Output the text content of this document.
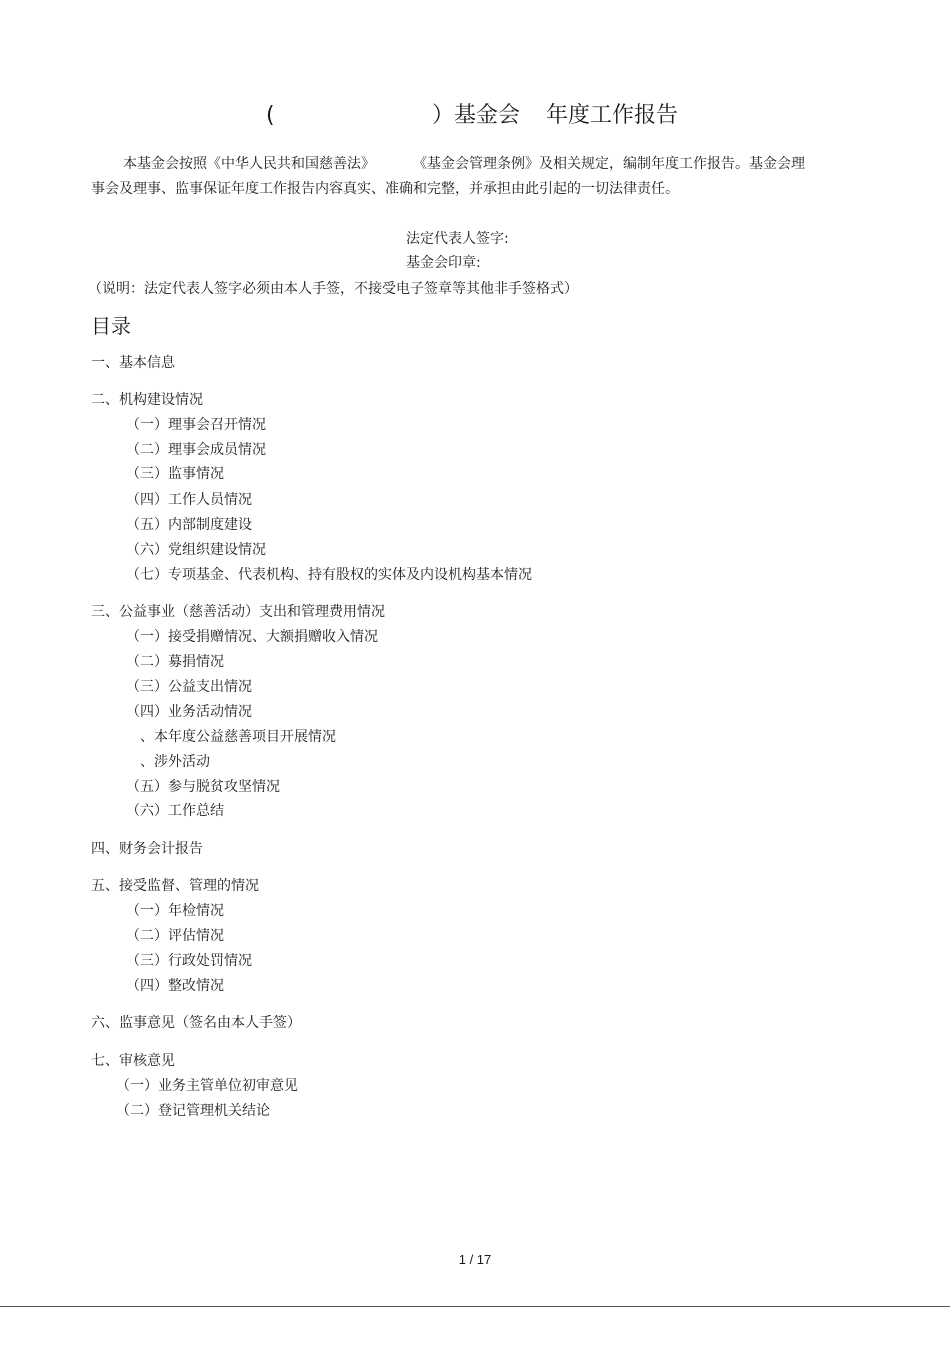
(	）基金会 年度工作报告

本基金会按照《中华人民共和国慈善法》	《基金会管理条例》及相关规定，编制年度工作报告。基金会理事会及理事、监事保证年度工作报告内容真实、准确和完整，并承担由此引起的一切法律责任。

法定代表人签字:
基金会印章:
（说明：法定代表人签字必须由本人手签，不接受电子签章等其他非手签格式）
目录
一、基本信息
二、机构建设情况
（一）理事会召开情况
（二）理事会成员情况
（三）监事情况
（四）工作人员情况
（五）内部制度建设
（六）党组织建设情况
（七）专项基金、代表机构、持有股权的实体及内设机构基本情况
三、公益事业（慈善活动）支出和管理费用情况
（一）接受捐赠情况、大额捐赠收入情况
（二）募捐情况
（三）公益支出情况
（四）业务活动情况
、本年度公益慈善项目开展情况
、涉外活动
（五）参与脱贫攻坚情况
（六）工作总结
四、财务会计报告
五、接受监督、管理的情况
（一）年检情况
（二）评估情况
（三）行政处罚情况
（四）整改情况
六、监事意见（签名由本人手签）
七、审核意见
（一）业务主管单位初审意见
（二）登记管理机关结论
1 / 17
